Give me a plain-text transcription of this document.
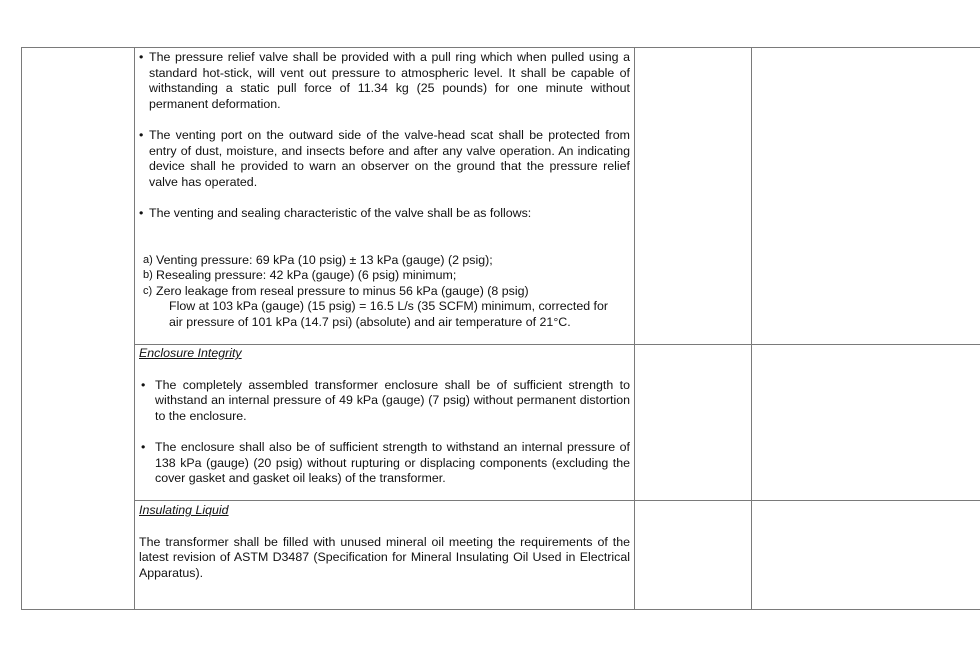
• The pressure relief valve shall be provided with a pull ring which when pulled using a standard hot-stick, will vent out pressure to atmospheric level. It shall be capable of withstanding a static pull force of 11.34 kg (25 pounds) for one minute without permanent deformation.

• The venting port on the outward side of the valve-head scat shall be protected from entry of dust, moisture, and insects before and after any valve operation. An indicating device shall he provided to warn an observer on the ground that the pressure relief valve has operated.

• The venting and sealing characteristic of the valve shall be as follows:

a) Venting pressure: 69 kPa (10 psig) ± 13 kPa (gauge) (2 psig);

b) Resealing pressure: 42 kPa (gauge) (6 psig) minimum;

c) Zero leakage from reseal pressure to minus 56 kPa (gauge) (8 psig)

Flow at 103 kPa (gauge) (15 psig) = 16.5 L/s (35 SCFM) minimum, corrected for air pressure of 101 kPa (14.7 psi) (absolute) and air temperature of 21°C.

Enclosure Integrity

• The completely assembled transformer enclosure shall be of sufficient strength to withstand an internal pressure of 49 kPa (gauge) (7 psig) without permanent distortion to the enclosure.

• The enclosure shall also be of sufficient strength to withstand an internal pressure of 138 kPa (gauge) (20 psig) without rupturing or displacing components (excluding the cover gasket and gasket oil leaks) of the transformer.

Insulating Liquid

The transformer shall be filled with unused mineral oil meeting the requirements of the latest revision of ASTM D3487 (Specification for Mineral Insulating Oil Used in Electrical Apparatus).
